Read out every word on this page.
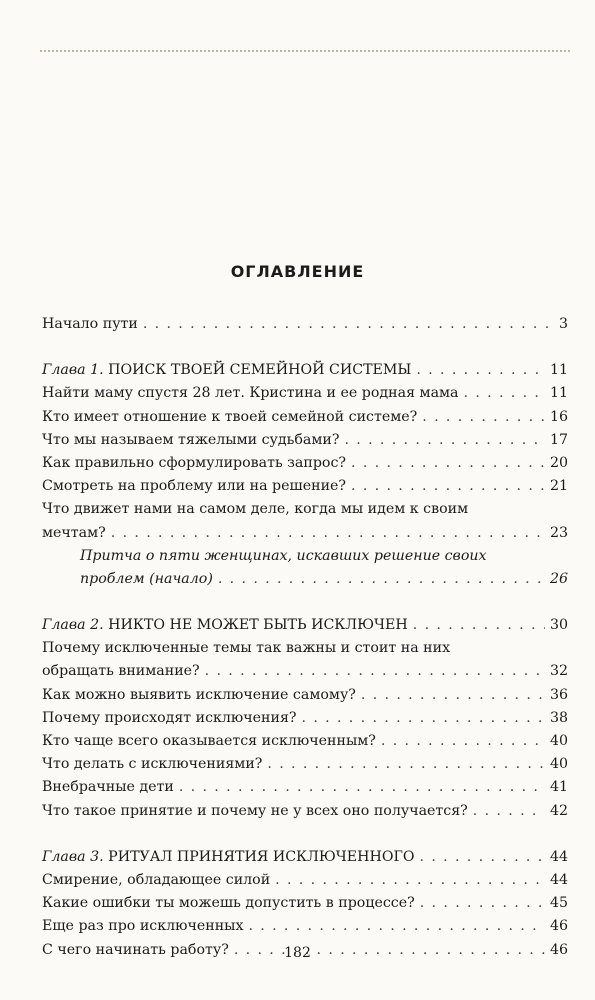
ОГЛАВЛЕНИЕ
Начало пути . . .	3
Глава 1. ПОИСК ТВОЕЙ СЕМЕЙНОЙ СИСТЕМЫ . . .	11
Найти маму спустя 28 лет. Кристина и ее родная мама . . .	11
Кто имеет отношение к твоей семейной системе? . . .	16
Что мы называем тяжелыми судьбами? . . .	17
Как правильно сформулировать запрос? . . .	20
Смотреть на проблему или на решение? . . .	21
Что движет нами на самом деле, когда мы идем к своим
мечтам? . . .	23
Притча о пяти женщинах, искавших решение своих
проблем (начало) . . .	26
Глава 2. НИКТО НЕ МОЖЕТ БЫТЬ ИСКЛЮЧЕН . . .	30
Почему исключенные темы так важны и стоит на них
обращать внимание? . . .	32
Как можно выявить исключение самому? . . .	36
Почему происходят исключения? . . .	38
Кто чаще всего оказывается исключенным? . . .	40
Что делать с исключениями? . . .	40
Внебрачные дети . . .	41
Что такое принятие и почему не у всех оно получается? . . .	42
Глава 3. РИТУАЛ ПРИНЯТИЯ ИСКЛЮЧЕННОГО . . .	44
Смирение, обладающее силой . . .	44
Какие ошибки ты можешь допустить в процессе? . . .	45
Еще раз про исключенных . . .	46
С чего начинать работу? . . .	46
182
